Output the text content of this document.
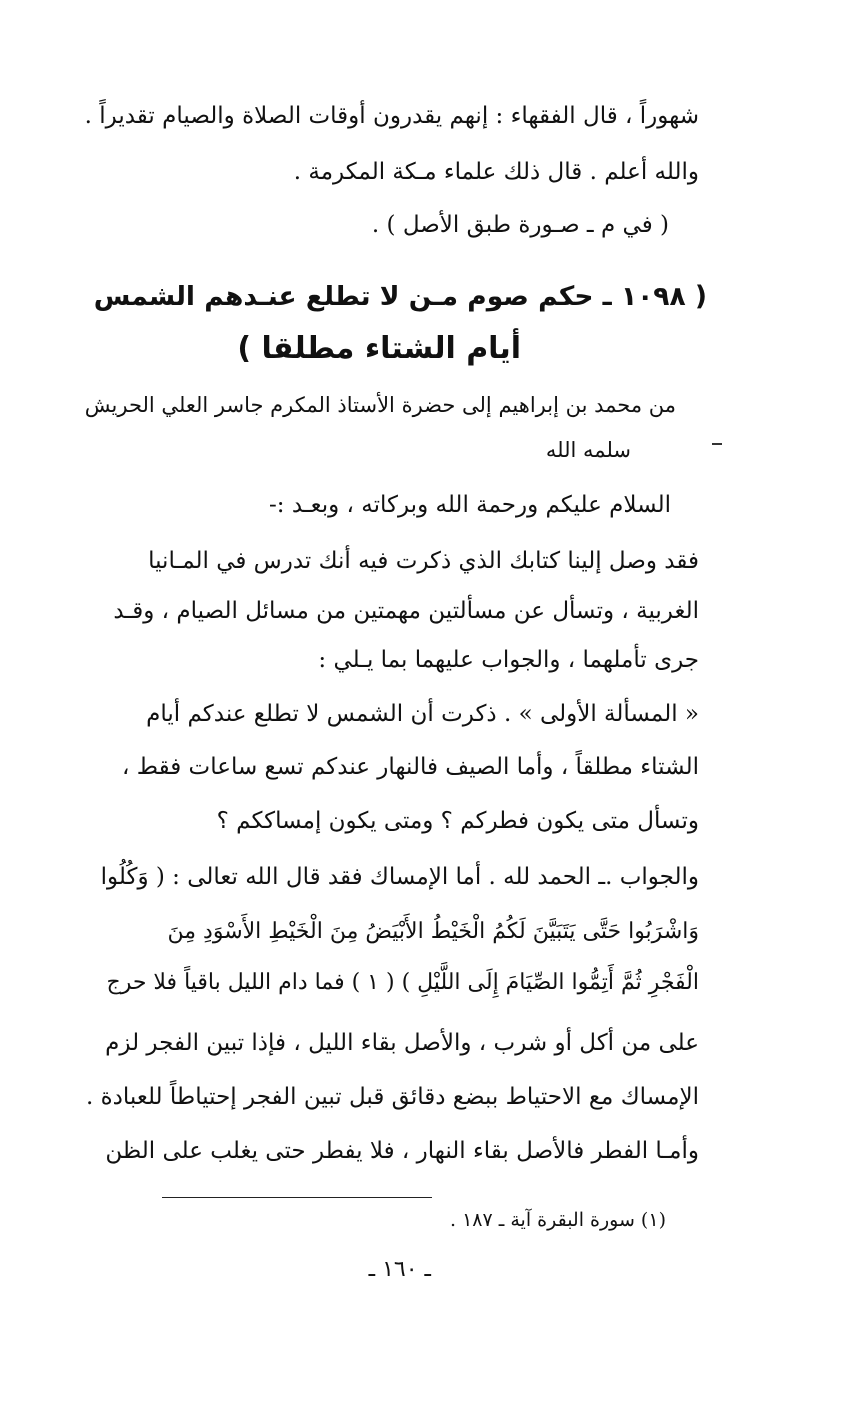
شهوراً ، قال الفقهاء : إنهم يقدرون أوقات الصلاة والصيام تقديراً .
والله أعلم . قال ذلك علماء مـكة المكرمة .
( في م ـ صـورة طبق الأصل ) .
( ١٠٩٨ ـ حكم صوم مـن لا تطلع عنـدهم الشمس
أيام الشتاء مطلقا )
من محمد بن إبراهيم إلى حضرة الأستاذ المكرم جاسر العلي الحريش
سلمه الله
السلام عليكم ورحمة الله وبركاته ، وبعـد :-
فقد وصل إلينا كتابك الذي ذكرت فيه أنك تدرس في المـانيا
الغربية ، وتسأل عن مسألتين مهمتين من مسائل الصيام ، وقـد
جرى تأملهما ، والجواب عليهما بما يـلي :
« المسألة الأولى » . ذكرت أن الشمس لا تطلع عندكم أيام
الشتاء مطلقاً ، وأما الصيف فالنهار عندكم تسع ساعات فقط ،
وتسأل متى يكون فطركم ؟ ومتى يكون إمساككم ؟
والجواب .ـ الحمد لله . أما الإمساك فقد قال الله تعالى : ( وَكُلُوا
وَاشْرَبُوا حَتَّى يَتَبَيَّنَ لَكُمُ الْخَيْطُ الأَبْيَضُ مِنَ الْخَيْطِ الأَسْوَدِ مِنَ
الْفَجْرِ ثُمَّ أَتِمُّوا الصِّيَامَ إِلَى اللَّيْلِ ) ( ١ ) فما دام الليل باقياً فلا حرج
على من أكل أو شرب ، والأصل بقاء الليل ، فإذا تبين الفجر لزم
الإمساك مع الاحتياط ببضع دقائق قبل تبين الفجر إحتياطاً للعبادة .
وأمـا الفطر فالأصل بقاء النهار ، فلا يفطر حتى يغلب على الظن
(١) سورة البقرة آية ـ ١٨٧ .
ـ ١٦٠ ـ
